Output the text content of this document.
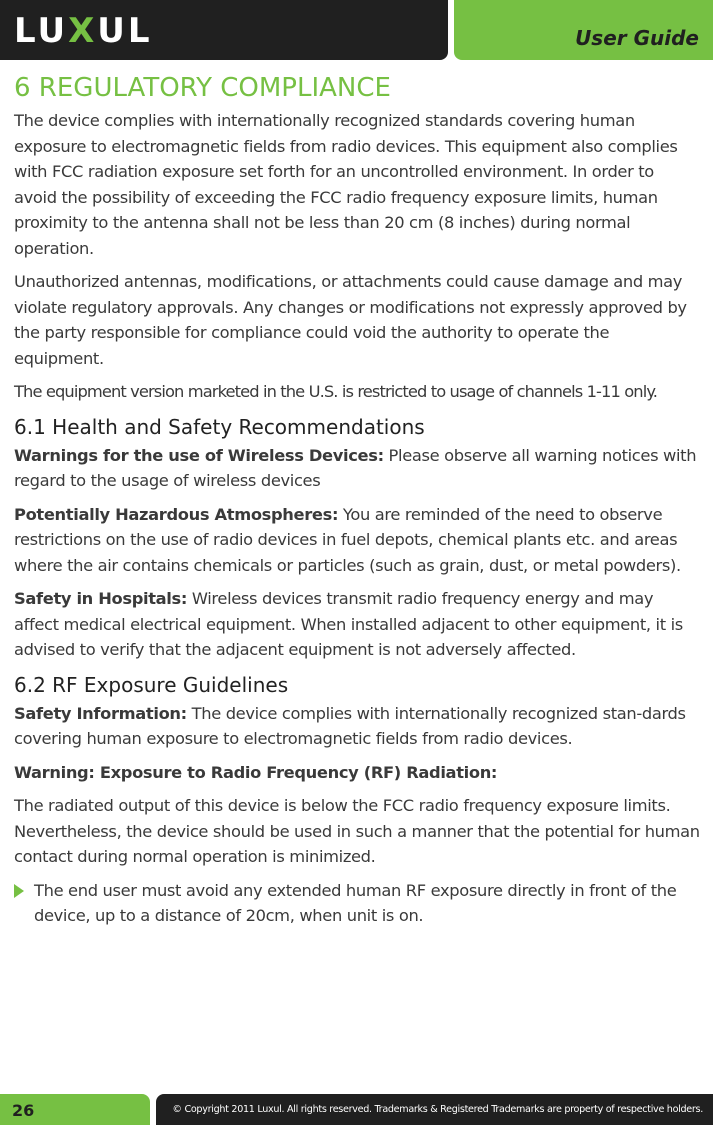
LUXUL	User Guide
6 REGULATORY COMPLIANCE

The device complies with internationally recognized standards covering human exposure to electromagnetic fields from radio devices. This equipment also complies with FCC radiation exposure set forth for an uncontrolled environment. In order to avoid the possibility of exceeding the FCC radio frequency exposure limits, human proximity to the antenna shall not be less than 20 cm (8 inches) during normal operation.

Unauthorized antennas, modifications, or attachments could cause damage and may violate regulatory approvals. Any changes or modifications not expressly approved by the party responsible for compliance could void the authority to operate the equipment.

The equipment version marketed in the U.S. is restricted to usage of channels 1-11 only.

6.1 Health and Safety Recommendations

Warnings for the use of Wireless Devices: Please observe all warning notices with regard to the usage of wireless devices

Potentially Hazardous Atmospheres: You are reminded of the need to observe restrictions on the use of radio devices in fuel depots, chemical plants etc. and areas where the air contains chemicals or particles (such as grain, dust, or metal powders).

Safety in Hospitals: Wireless devices transmit radio frequency energy and may affect medical electrical equipment. When installed adjacent to other equipment, it is advised to verify that the adjacent equipment is not adversely affected.

6.2 RF Exposure Guidelines

Safety Information: The device complies with internationally recognized stan-dards covering human exposure to electromagnetic fields from radio devices.

Warning: Exposure to Radio Frequency (RF) Radiation:

The radiated output of this device is below the FCC radio frequency exposure limits. Nevertheless, the device should be used in such a manner that the potential for human contact during normal operation is minimized.

The end user must avoid any extended human RF exposure directly in front of the device, up to a distance of 20cm, when unit is on.

26	© Copyright 2011 Luxul. All rights reserved. Trademarks & Registered Trademarks are property of respective holders.
